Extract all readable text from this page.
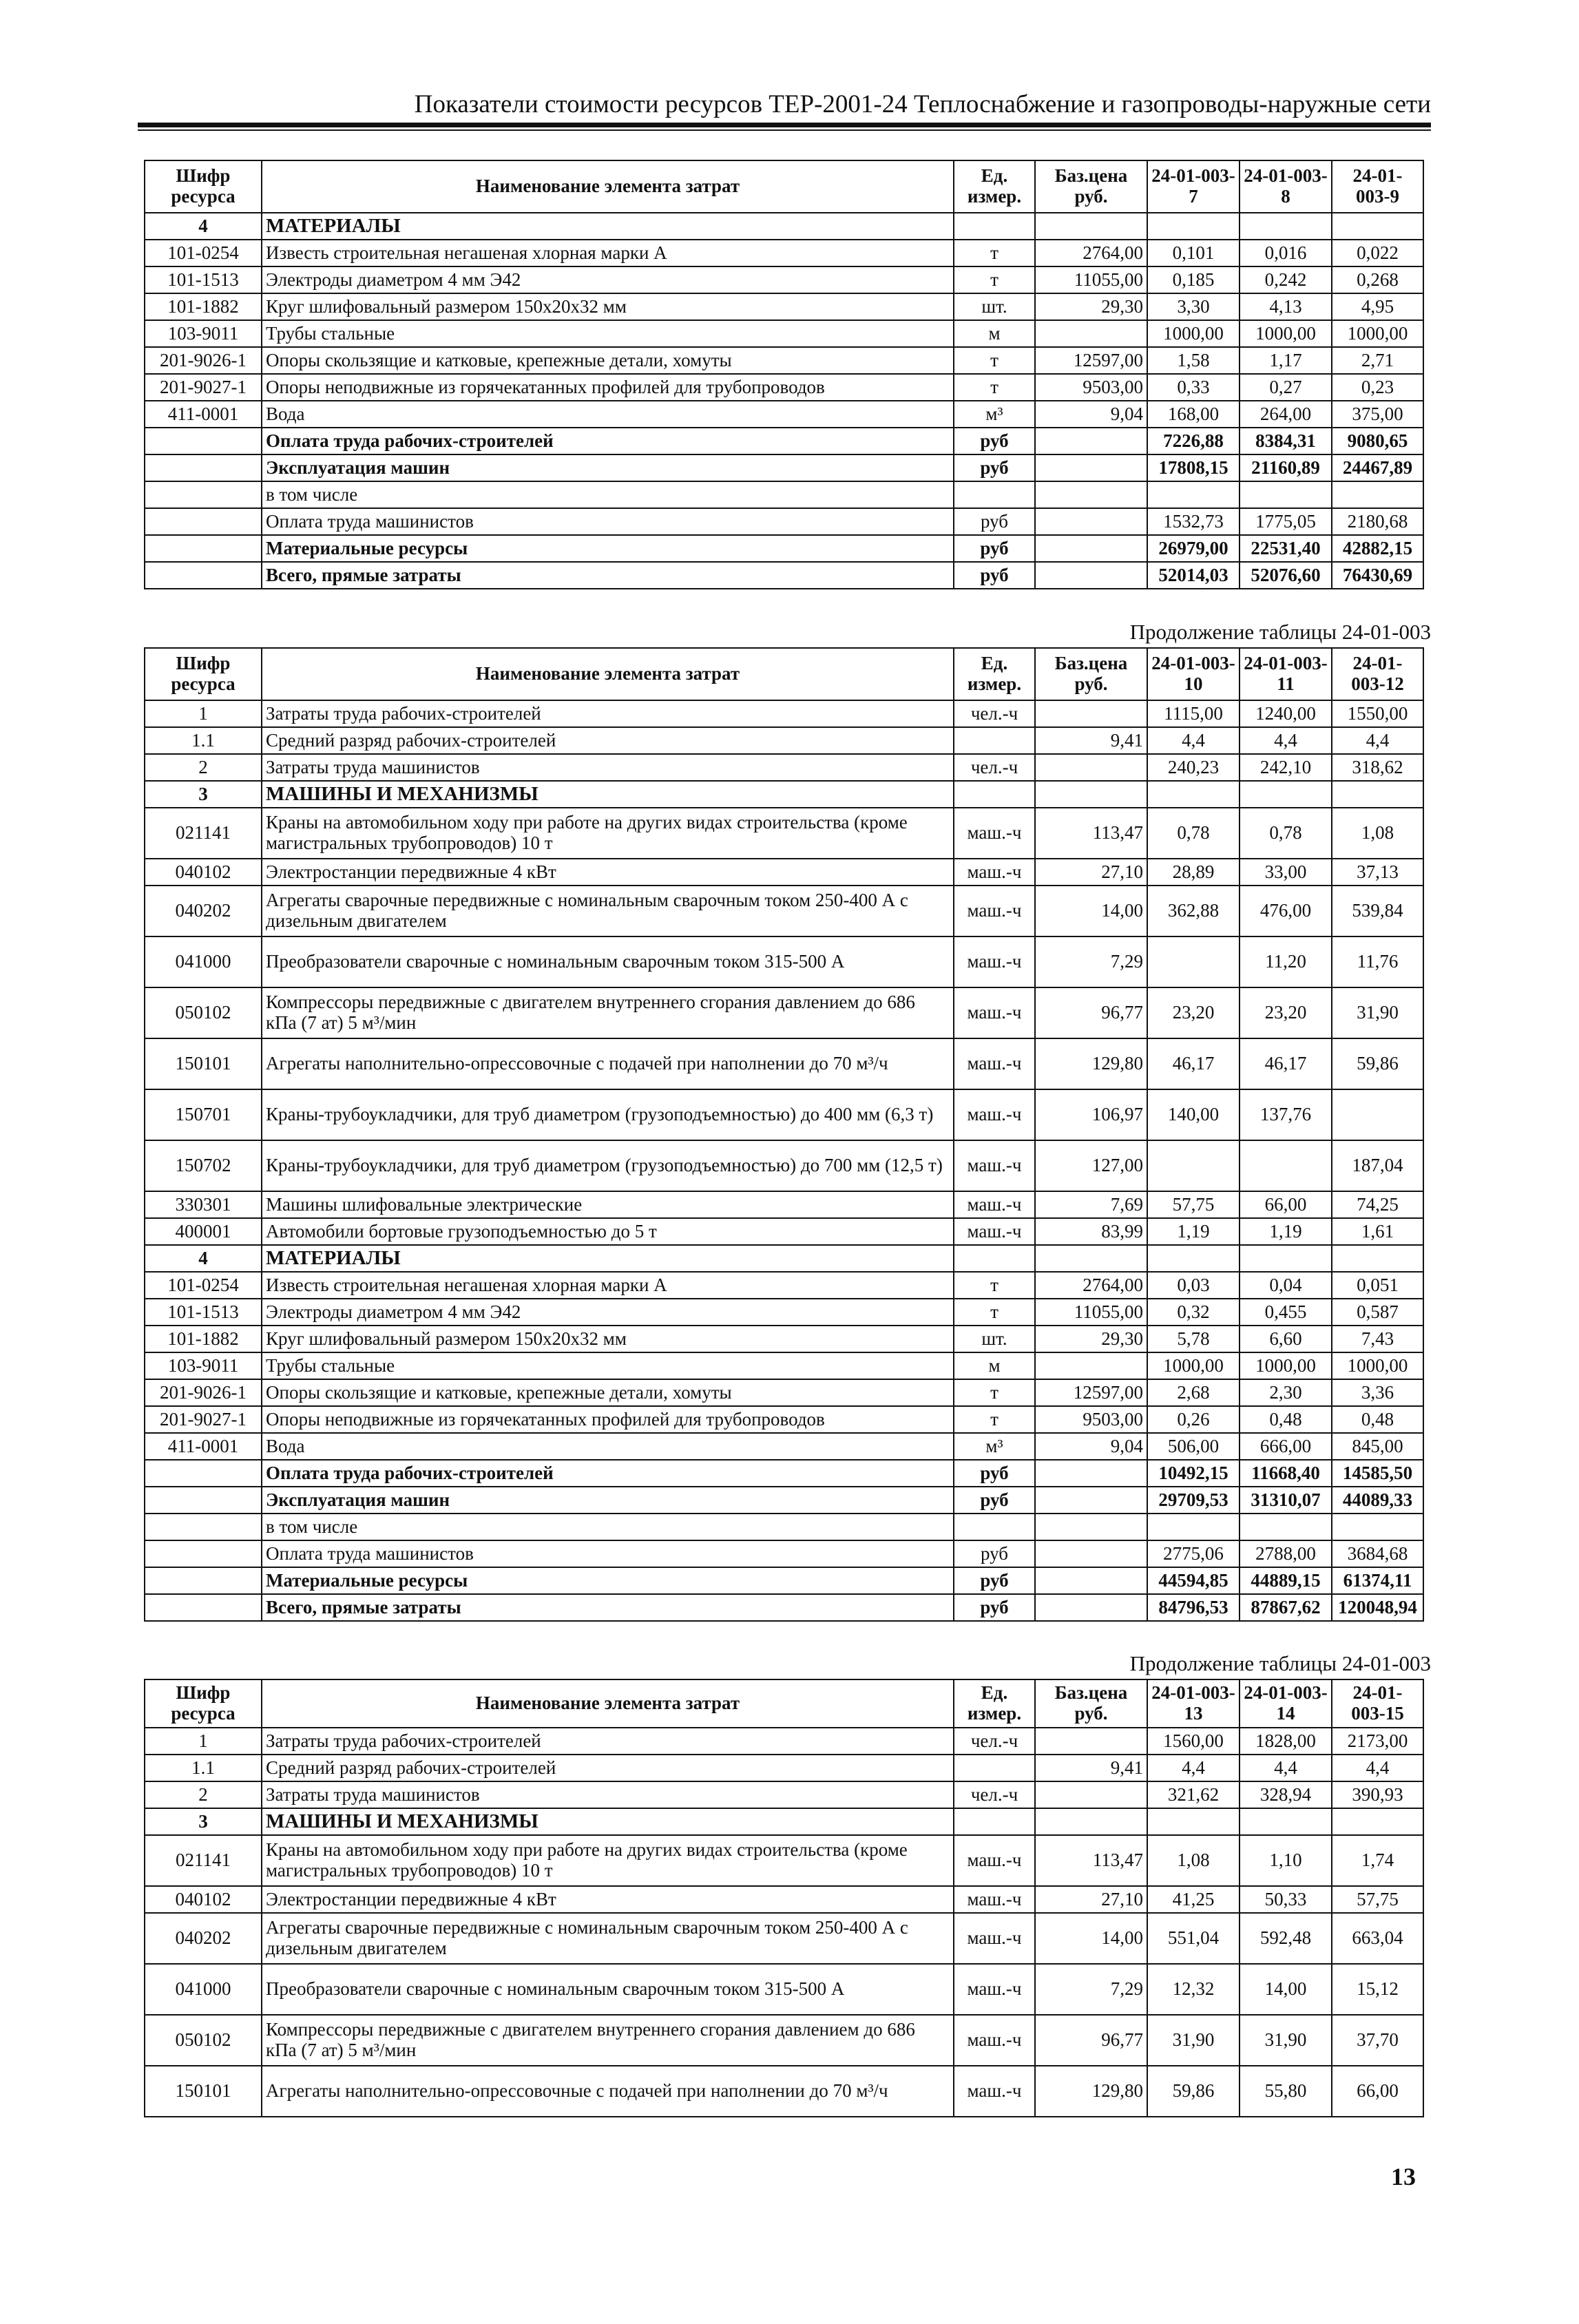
Показатели стоимости ресурсов ТЕР-2001-24 Теплоснабжение и газопроводы-наружные сети
Шифр ресурса	Наименование элемента затрат	Ед. измер.	Баз.цена руб.	24-01-003-7	24-01-003-8	24-01-003-9
4	МАТЕРИАЛЫ					
101-0254	Известь строительная негашеная хлорная марки А	т	2764,00	0,101	0,016	0,022
101-1513	Электроды диаметром 4 мм Э42	т	11055,00	0,185	0,242	0,268
101-1882	Круг шлифовальный размером 150x20x32 мм	шт.	29,30	3,30	4,13	4,95
103-9011	Трубы стальные	м		1000,00	1000,00	1000,00
201-9026-1	Опоры скользящие и катковые, крепежные детали, хомуты	т	12597,00	1,58	1,17	2,71
201-9027-1	Опоры неподвижные из горячекатанных профилей для трубопроводов	т	9503,00	0,33	0,27	0,23
411-0001	Вода	м³	9,04	168,00	264,00	375,00
	Оплата труда рабочих-строителей	руб		7226,88	8384,31	9080,65
	Эксплуатация машин	руб		17808,15	21160,89	24467,89
	в том числе					
	Оплата труда машинистов	руб		1532,73	1775,05	2180,68
	Материальные ресурсы	руб		26979,00	22531,40	42882,15
	Всего, прямые затраты	руб		52014,03	52076,60	76430,69
Продолжение таблицы 24-01-003
Шифр ресурса	Наименование элемента затрат	Ед. измер.	Баз.цена руб.	24-01-003-10	24-01-003-11	24-01-003-12
1	Затраты труда рабочих-строителей	чел.-ч		1115,00	1240,00	1550,00
1.1	Средний разряд рабочих-строителей		9,41	4,4	4,4	4,4
2	Затраты труда машинистов	чел.-ч		240,23	242,10	318,62
3	МАШИНЫ И МЕХАНИЗМЫ					
021141	Краны на автомобильном ходу при работе на других видах строительства (кроме магистральных трубопроводов) 10 т	маш.-ч	113,47	0,78	0,78	1,08
040102	Электростанции передвижные 4 кВт	маш.-ч	27,10	28,89	33,00	37,13
040202	Агрегаты сварочные передвижные с номинальным сварочным током 250-400 А с дизельным двигателем	маш.-ч	14,00	362,88	476,00	539,84
041000	Преобразователи сварочные с номинальным сварочным током 315-500 А	маш.-ч	7,29		11,20	11,76
050102	Компрессоры передвижные с двигателем внутреннего сгорания давлением до 686 кПа (7 ат) 5 м³/мин	маш.-ч	96,77	23,20	23,20	31,90
150101	Агрегаты наполнительно-опрессовочные с подачей при наполнении до 70 м³/ч	маш.-ч	129,80	46,17	46,17	59,86
150701	Краны-трубоукладчики, для труб диаметром (грузоподъемностью) до 400 мм (6,3 т)	маш.-ч	106,97	140,00	137,76	
150702	Краны-трубоукладчики, для труб диаметром (грузоподъемностью) до 700 мм (12,5 т)	маш.-ч	127,00			187,04
330301	Машины шлифовальные электрические	маш.-ч	7,69	57,75	66,00	74,25
400001	Автомобили бортовые грузоподъемностью до 5 т	маш.-ч	83,99	1,19	1,19	1,61
4	МАТЕРИАЛЫ					
101-0254	Известь строительная негашеная хлорная марки А	т	2764,00	0,03	0,04	0,051
101-1513	Электроды диаметром 4 мм Э42	т	11055,00	0,32	0,455	0,587
101-1882	Круг шлифовальный размером 150x20x32 мм	шт.	29,30	5,78	6,60	7,43
103-9011	Трубы стальные	м		1000,00	1000,00	1000,00
201-9026-1	Опоры скользящие и катковые, крепежные детали, хомуты	т	12597,00	2,68	2,30	3,36
201-9027-1	Опоры неподвижные из горячекатанных профилей для трубопроводов	т	9503,00	0,26	0,48	0,48
411-0001	Вода	м³	9,04	506,00	666,00	845,00
	Оплата труда рабочих-строителей	руб		10492,15	11668,40	14585,50
	Эксплуатация машин	руб		29709,53	31310,07	44089,33
	в том числе					
	Оплата труда машинистов	руб		2775,06	2788,00	3684,68
	Материальные ресурсы	руб		44594,85	44889,15	61374,11
	Всего, прямые затраты	руб		84796,53	87867,62	120048,94
Продолжение таблицы 24-01-003
Шифр ресурса	Наименование элемента затрат	Ед. измер.	Баз.цена руб.	24-01-003-13	24-01-003-14	24-01-003-15
1	Затраты труда рабочих-строителей	чел.-ч		1560,00	1828,00	2173,00
1.1	Средний разряд рабочих-строителей		9,41	4,4	4,4	4,4
2	Затраты труда машинистов	чел.-ч		321,62	328,94	390,93
3	МАШИНЫ И МЕХАНИЗМЫ					
021141	Краны на автомобильном ходу при работе на других видах строительства (кроме магистральных трубопроводов) 10 т	маш.-ч	113,47	1,08	1,10	1,74
040102	Электростанции передвижные 4 кВт	маш.-ч	27,10	41,25	50,33	57,75
040202	Агрегаты сварочные передвижные с номинальным сварочным током 250-400 А с дизельным двигателем	маш.-ч	14,00	551,04	592,48	663,04
041000	Преобразователи сварочные с номинальным сварочным током 315-500 А	маш.-ч	7,29	12,32	14,00	15,12
050102	Компрессоры передвижные с двигателем внутреннего сгорания давлением до 686 кПа (7 ат) 5 м³/мин	маш.-ч	96,77	31,90	31,90	37,70
150101	Агрегаты наполнительно-опрессовочные с подачей при наполнении до 70 м³/ч	маш.-ч	129,80	59,86	55,80	66,00
13
